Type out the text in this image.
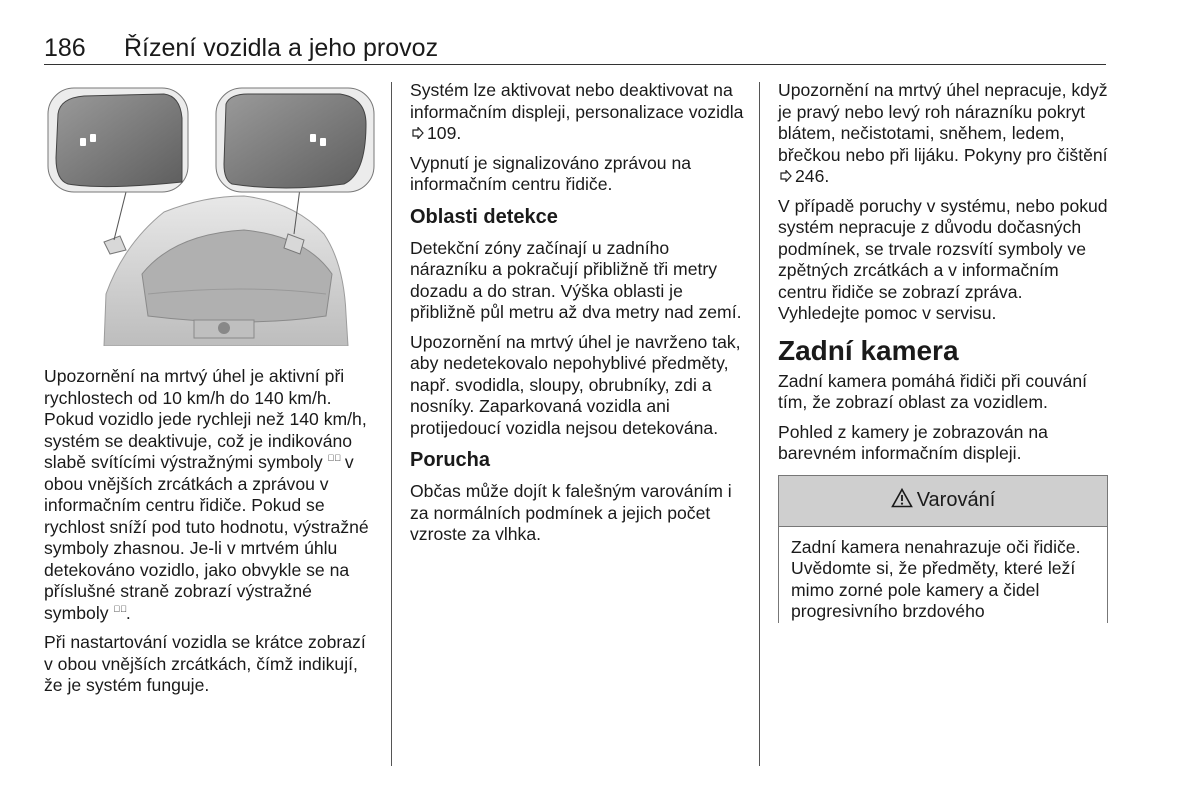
186 Řízení vozidla a jeho provoz

Upozornění na mrtvý úhel je aktivní při rychlostech od 10 km/h do 140 km/h. Pokud vozidlo jede rychleji než 140 km/h, systém se deaktivuje, což je indikováno slabě svítícími výstražnými symboly ⊿⃞ v obou vnějších zrcátkách a zprávou v informačním centru řidiče. Pokud se rychlost sníží pod tuto hodnotu, výstražné symboly zhasnou. Je-li v mrtvém úhlu detekováno vozidlo, jako obvykle se na příslušné straně zobrazí výstražné symboly ⊿⃞.

Při nastartování vozidla se krátce zobrazí v obou vnějších zrcátkách, čímž indikují, že je systém funguje.

Systém lze aktivovat nebo deaktivovat na informačním displeji, personalizace vozidla 109.

Vypnutí je signalizováno zprávou na informačním centru řidiče.

Oblasti detekce

Detekční zóny začínají u zadního nárazníku a pokračují přibližně tři metry dozadu a do stran. Výška oblasti je přibližně půl metru až dva metry nad zemí.

Upozornění na mrtvý úhel je navrženo tak, aby nedetekovalo nepohyblivé předměty, např. svodidla, sloupy, obrubníky, zdi a nosníky. Zaparkovaná vozidla ani protijedoucí vozidla nejsou detekována.

Porucha

Občas může dojít k falešným varováním i za normálních podmínek a jejich počet vzroste za vlhka.

Upozornění na mrtvý úhel nepracuje, když je pravý nebo levý roh nárazníku pokryt blátem, nečistotami, sněhem, ledem, břečkou nebo při lijáku. Pokyny pro čištění 246.

V případě poruchy v systému, nebo pokud systém nepracuje z důvodu dočasných podmínek, se trvale rozsvítí symboly ve zpětných zrcátkách a v informačním centru řidiče se zobrazí zpráva. Vyhledejte pomoc v servisu.

Zadní kamera

Zadní kamera pomáhá řidiči při couvání tím, že zobrazí oblast za vozidlem.

Pohled z kamery je zobrazován na barevném informačním displeji.

Varování
Zadní kamera nenahrazuje oči řidiče. Uvědomte si, že předměty, které leží mimo zorné pole kamery a čidel progresivního brzdového
